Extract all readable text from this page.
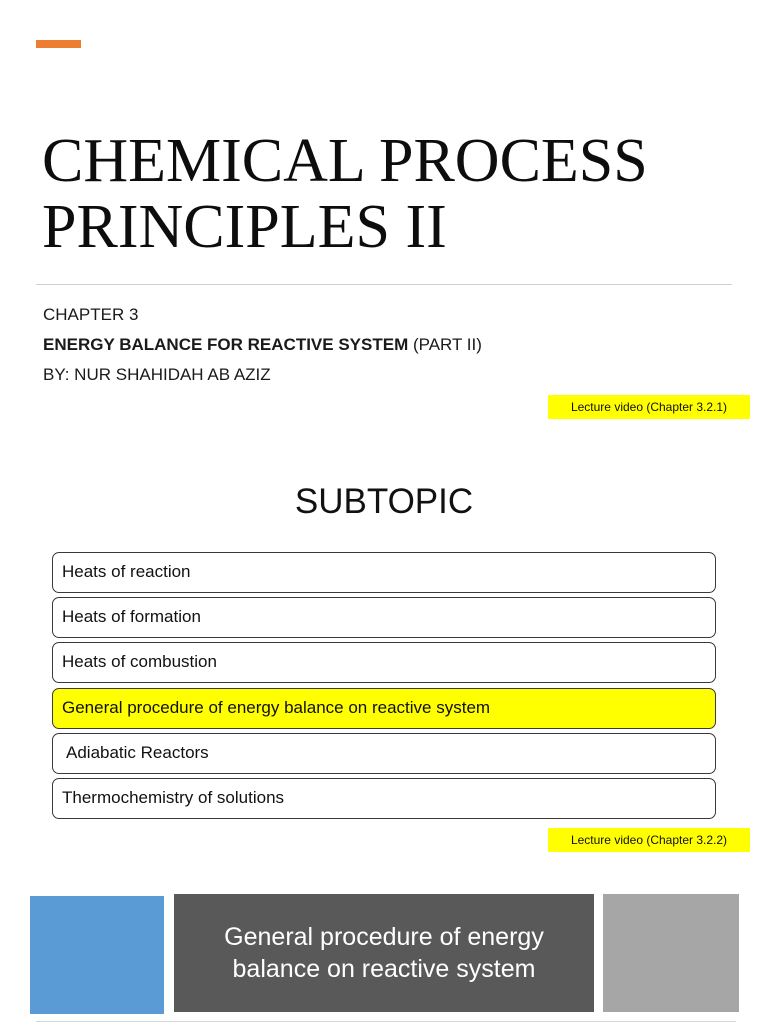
CHEMICAL PROCESS
PRINCIPLES II
CHAPTER 3
ENERGY BALANCE FOR REACTIVE SYSTEM (PART II)
BY: NUR SHAHIDAH AB AZIZ
Lecture video (Chapter 3.2.1)
SUBTOPIC
Heats of reaction
Heats of formation
Heats of combustion
General procedure of energy balance on reactive system
Adiabatic Reactors
Thermochemistry of solutions
Lecture video (Chapter 3.2.2)
General procedure of energy balance on reactive system
